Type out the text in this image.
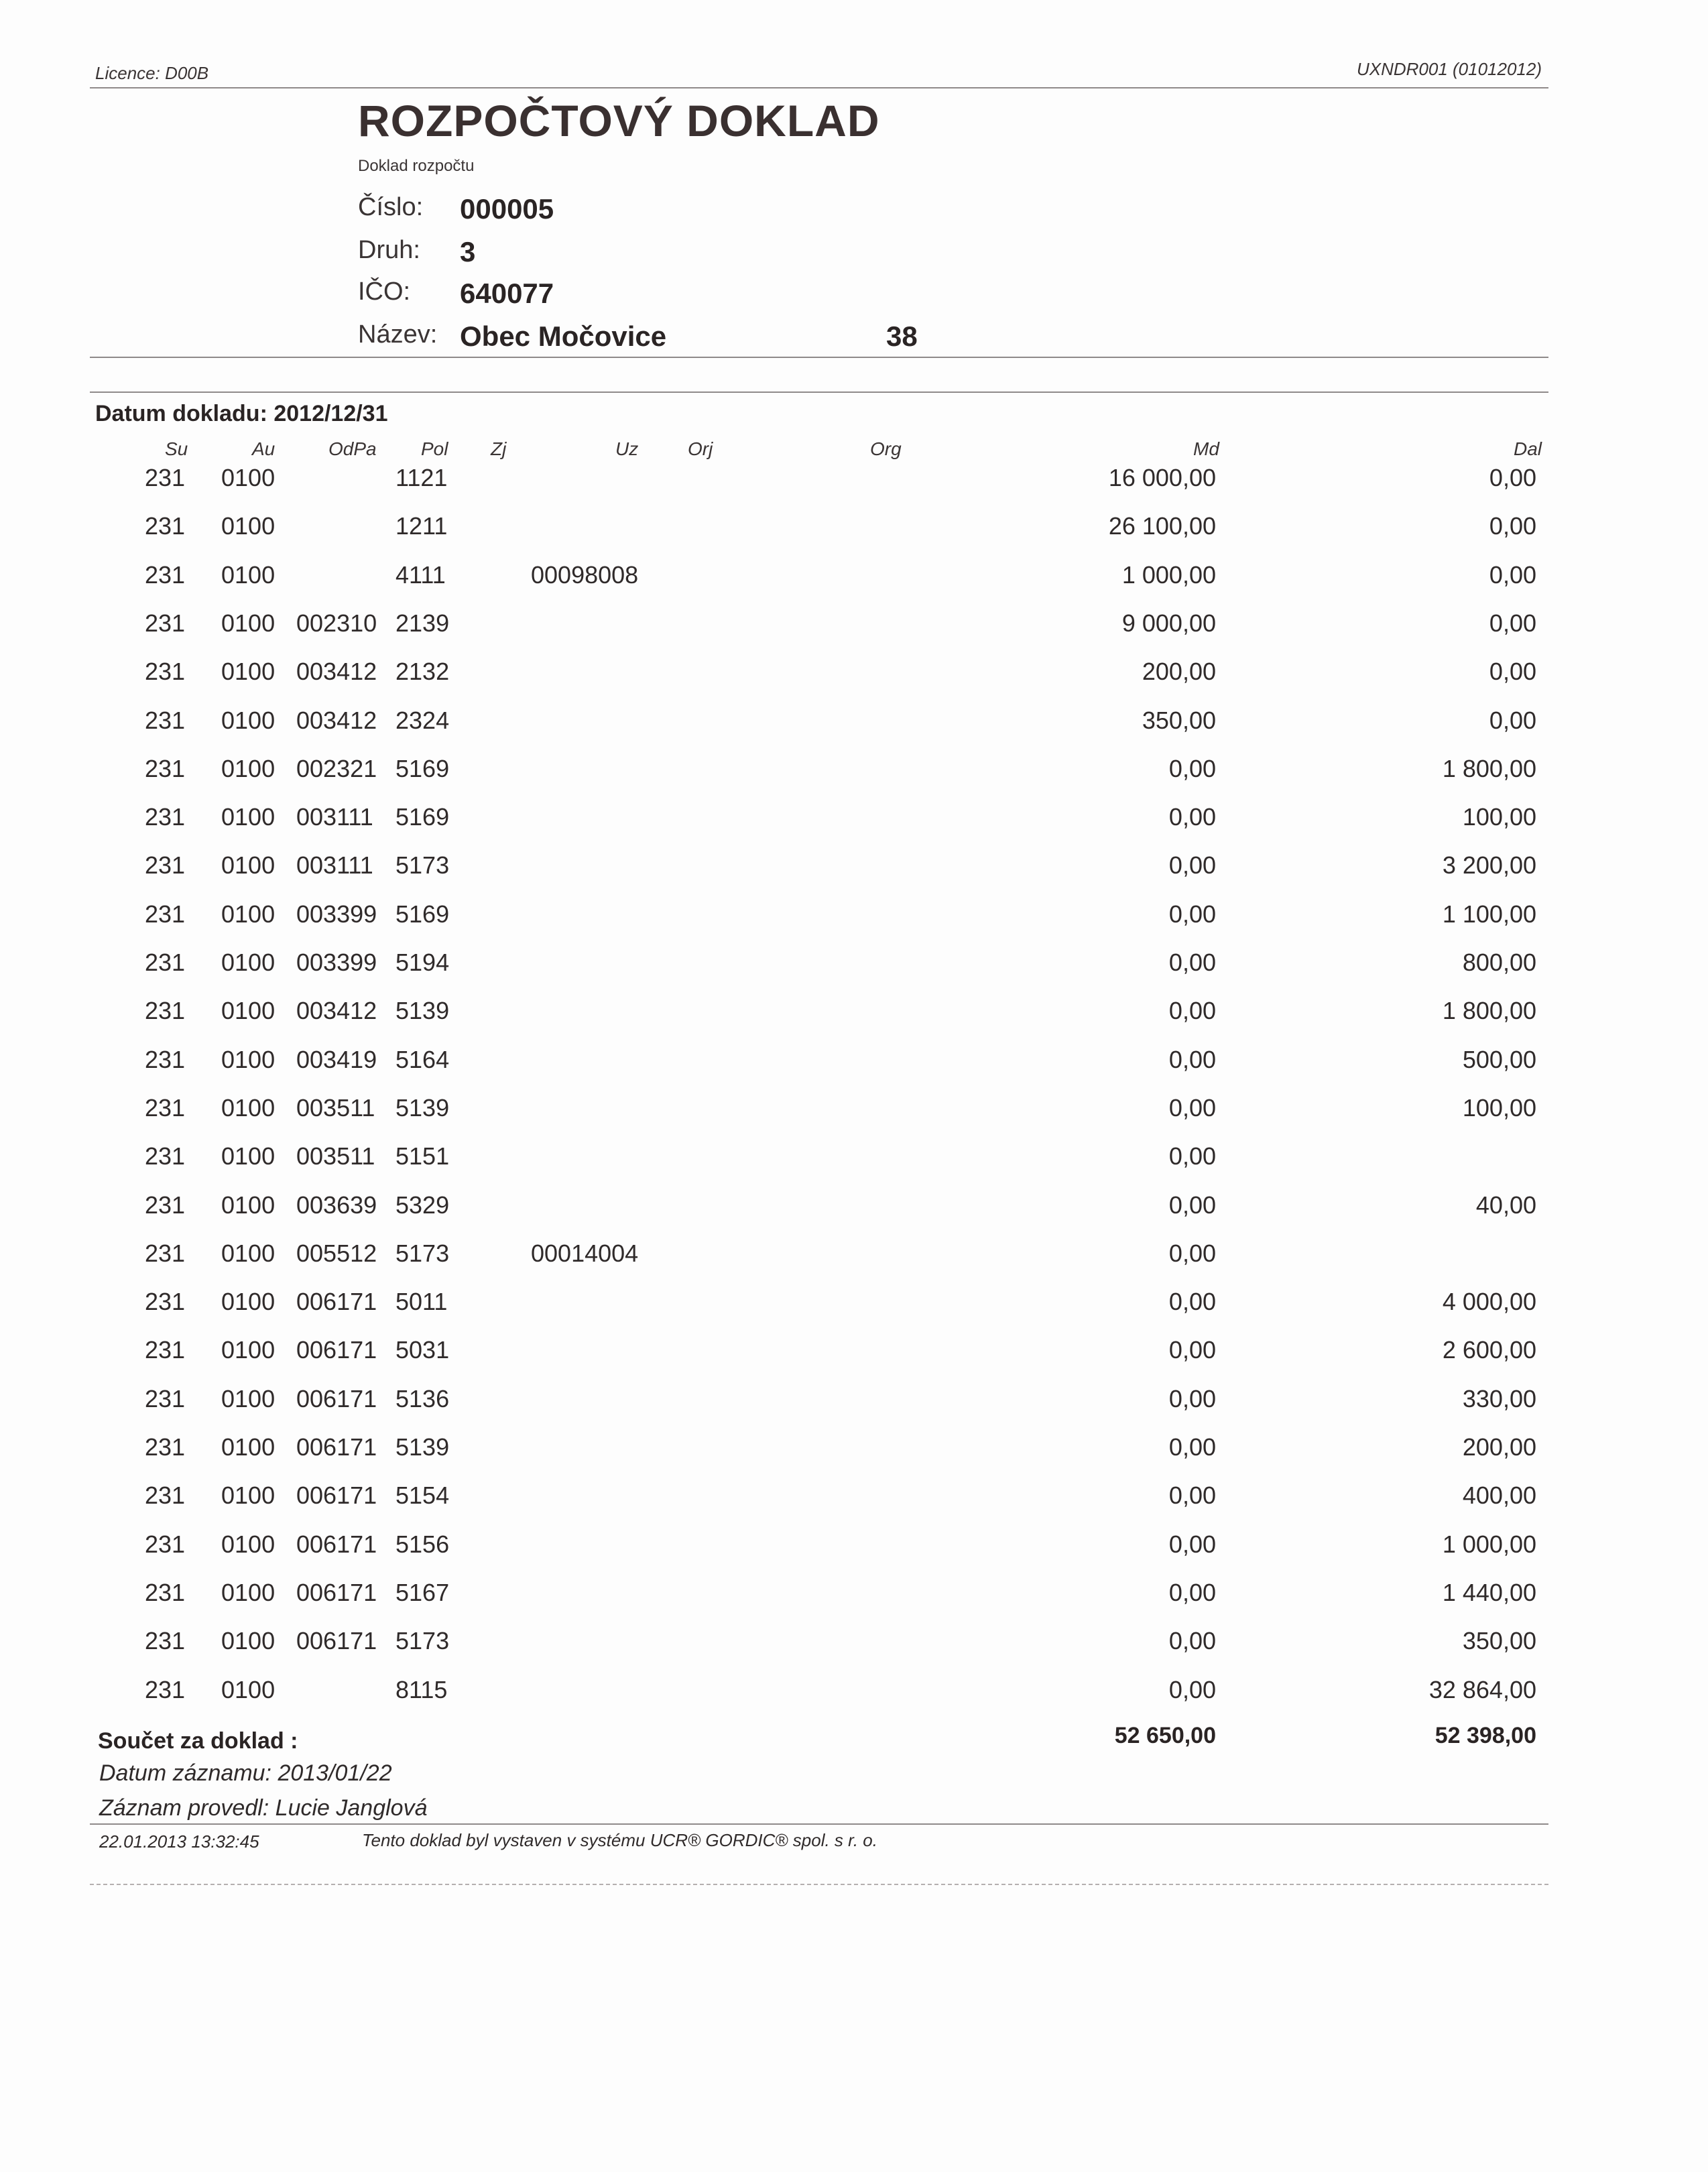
Licence: D00B	UXNDR001 (01012012)
ROZPOČTOVÝ DOKLAD
Doklad rozpočtu
Číslo: 000005
Druh: 3
IČO: 640077
Název: Obec Močovice	38
Datum dokladu: 2012/12/31
Su	Au	OdPa Pol Zj	Uz	Orj	Org	Md	Dal
231 0100	1121	16 000,00	0,00
231 0100	1211	26 100,00	0,00
231 0100	4111	00098008	1 000,00	0,00
231 0100 002310 2139	9 000,00	0,00
231 0100 003412 2132	200,00	0,00
231 0100 003412 2324	350,00	0,00
231 0100 002321 5169	0,00	1 800,00
231 0100 003111 5169	0,00	100,00
231 0100 003111 5173	0,00	3 200,00
231 0100 003399 5169	0,00	1 100,00
231 0100 003399 5194	0,00	800,00
231 0100 003412 5139	0,00	1 800,00
231 0100 003419 5164	0,00	500,00
231 0100 003511 5139	0,00	100,00
231 0100 003511 5151	0,00
231 0100 003639 5329	0,00	40,00
231 0100 005512 5173	00014004	0,00
231 0100 006171 5011	0,00	4 000,00
231 0100 006171 5031	0,00	2 600,00
231 0100 006171 5136	0,00	330,00
231 0100 006171 5139	0,00	200,00
231 0100 006171 5154	0,00	400,00
231 0100 006171 5156	0,00	1 000,00
231 0100 006171 5167	0,00	1 440,00
231 0100 006171 5173	0,00	350,00
231 0100	8115	0,00	32 864,00
Součet za doklad :	52 650,00	52 398,00
Datum záznamu: 2013/01/22
Záznam provedl: Lucie Janglová
22.01.2013 13:32:45	Tento doklad byl vystaven v systému UCR® GORDIC® spol. s r. o.
